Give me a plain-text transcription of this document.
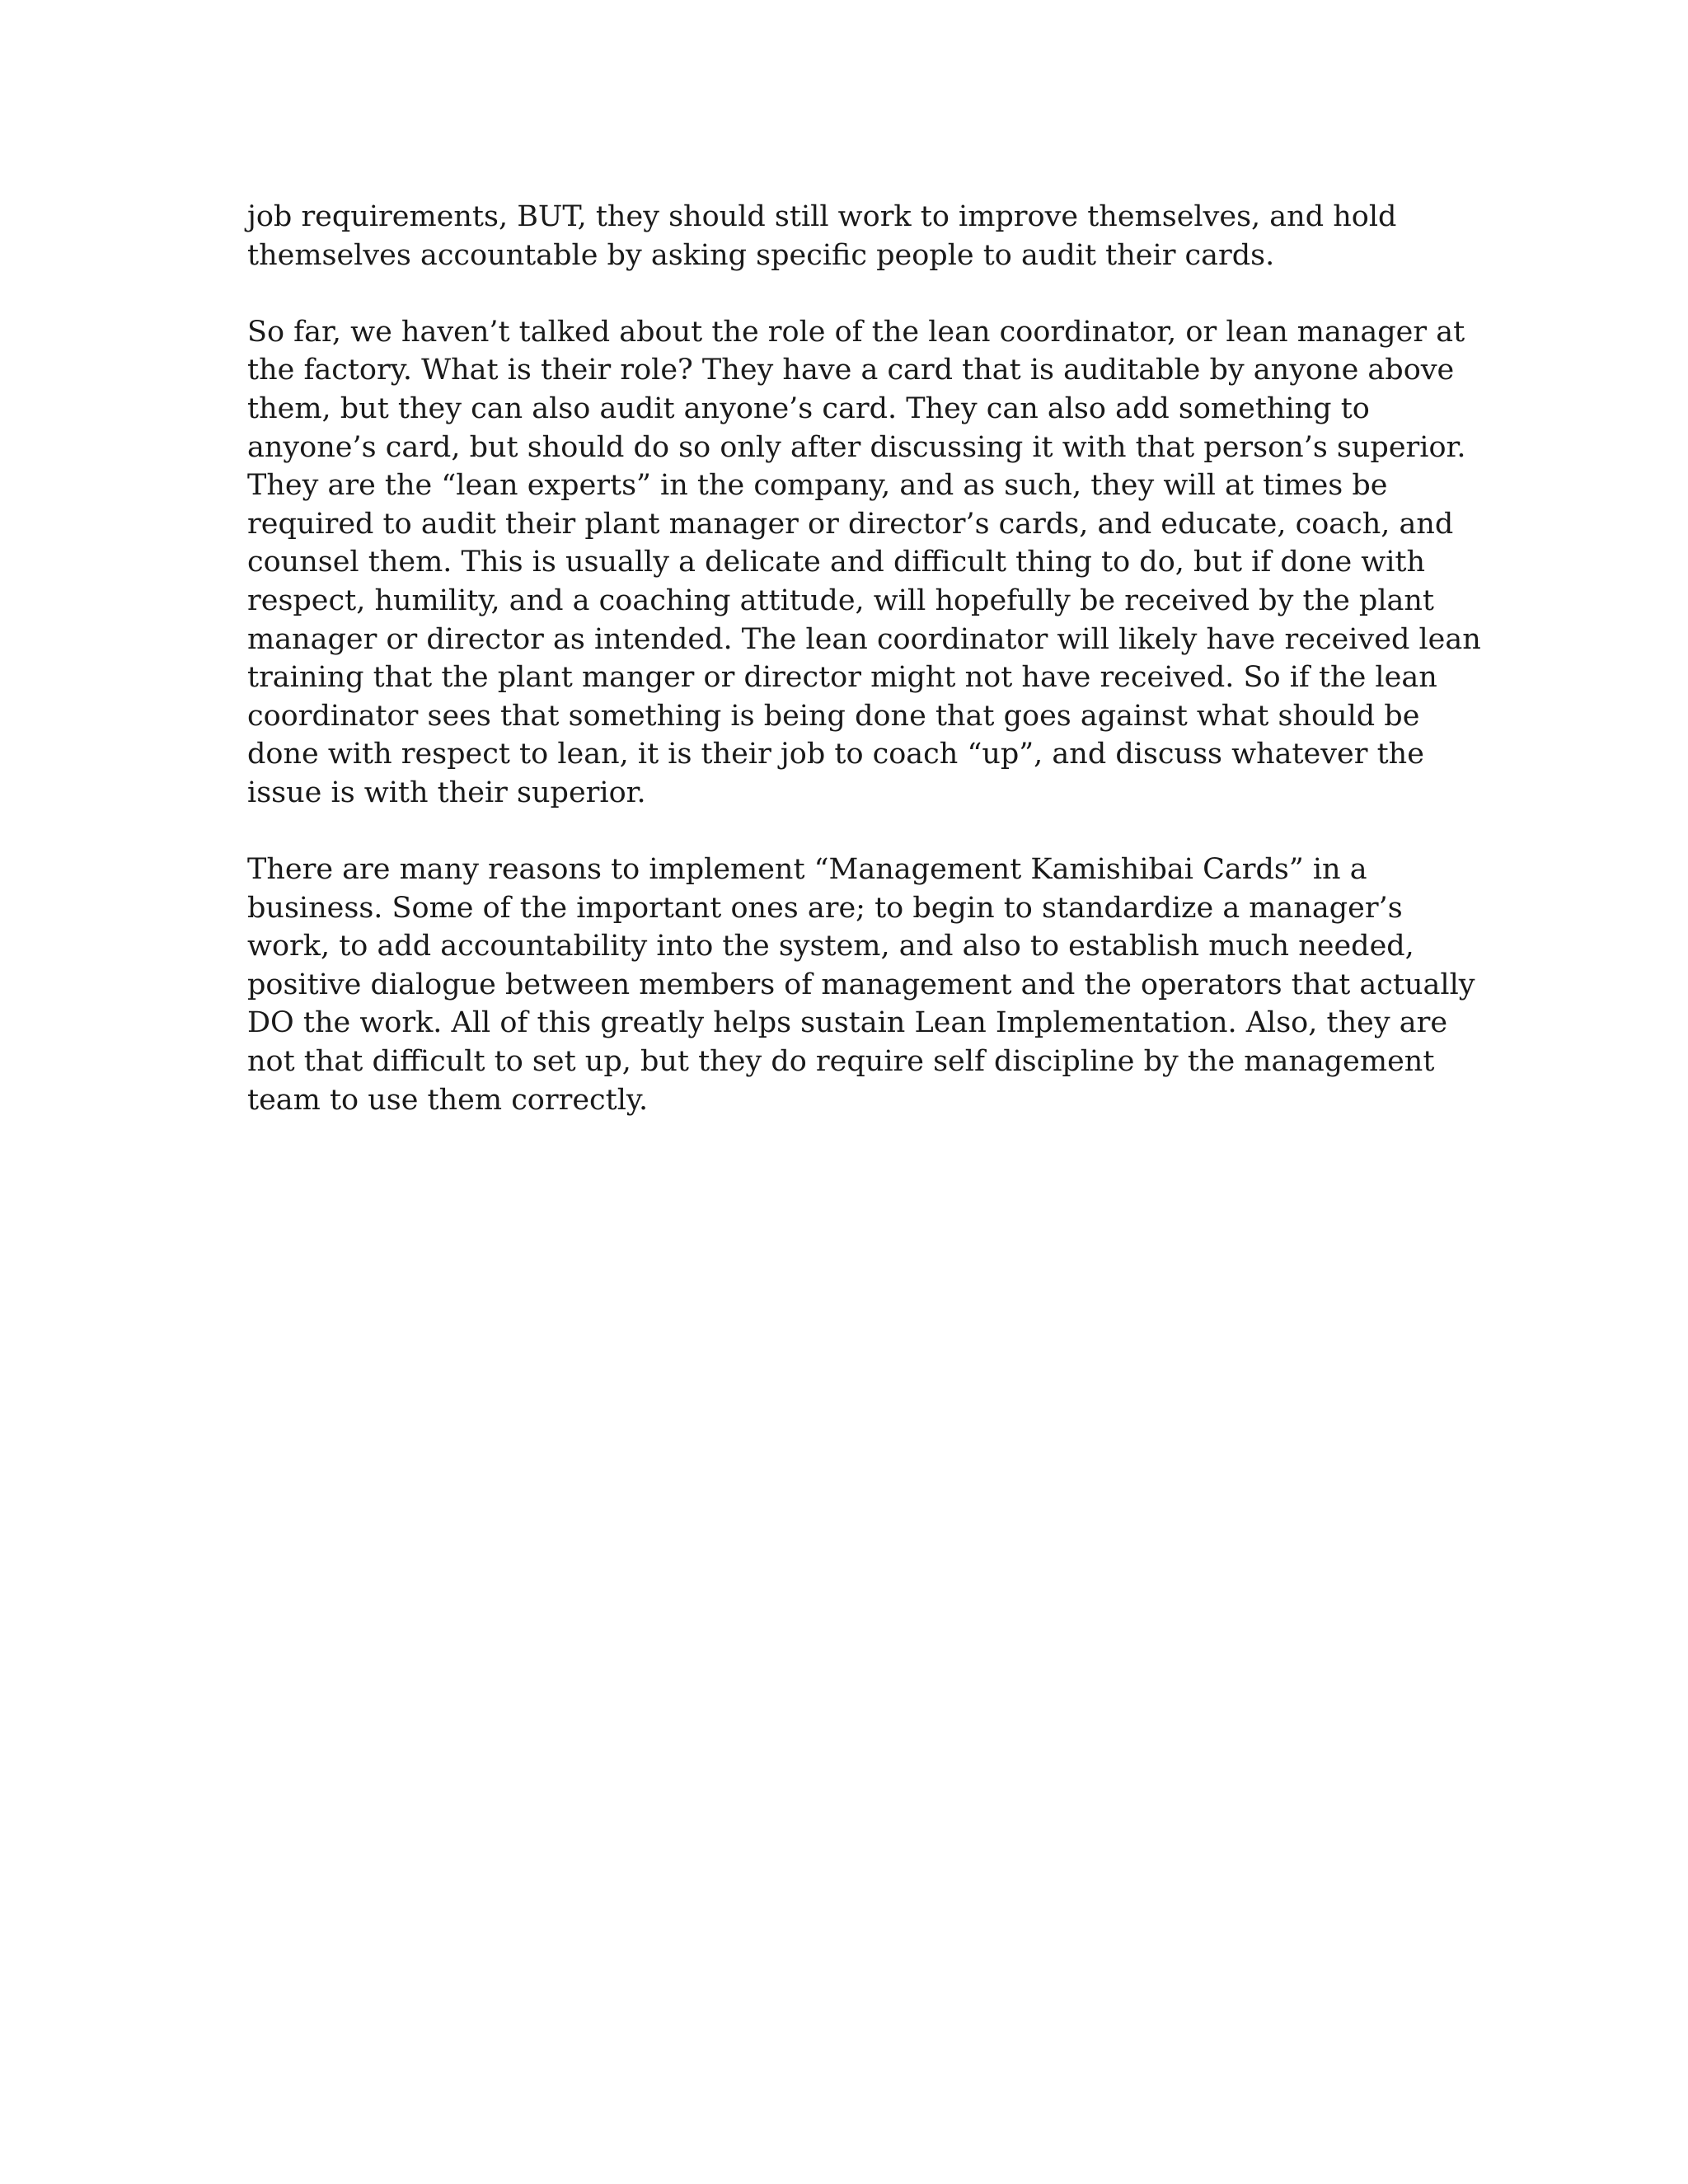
job requirements, BUT, they should still work to improve themselves, and hold
themselves accountable by asking specific people to audit their cards.

So far, we haven’t talked about the role of the lean coordinator, or lean manager at
the factory. What is their role? They have a card that is auditable by anyone above
them, but they can also audit anyone’s card. They can also add something to
anyone’s card, but should do so only after discussing it with that person’s superior.
They are the “lean experts” in the company, and as such, they will at times be
required to audit their plant manager or director’s cards, and educate, coach, and
counsel them. This is usually a delicate and difficult thing to do, but if done with
respect, humility, and a coaching attitude, will hopefully be received by the plant
manager or director as intended. The lean coordinator will likely have received lean
training that the plant manger or director might not have received. So if the lean
coordinator sees that something is being done that goes against what should be
done with respect to lean, it is their job to coach “up”, and discuss whatever the
issue is with their superior.

There are many reasons to implement “Management Kamishibai Cards” in a
business. Some of the important ones are; to begin to standardize a manager’s
work, to add accountability into the system, and also to establish much needed,
positive dialogue between members of management and the operators that actually
DO the work. All of this greatly helps sustain Lean Implementation. Also, they are
not that difficult to set up, but they do require self discipline by the management
team to use them correctly.
